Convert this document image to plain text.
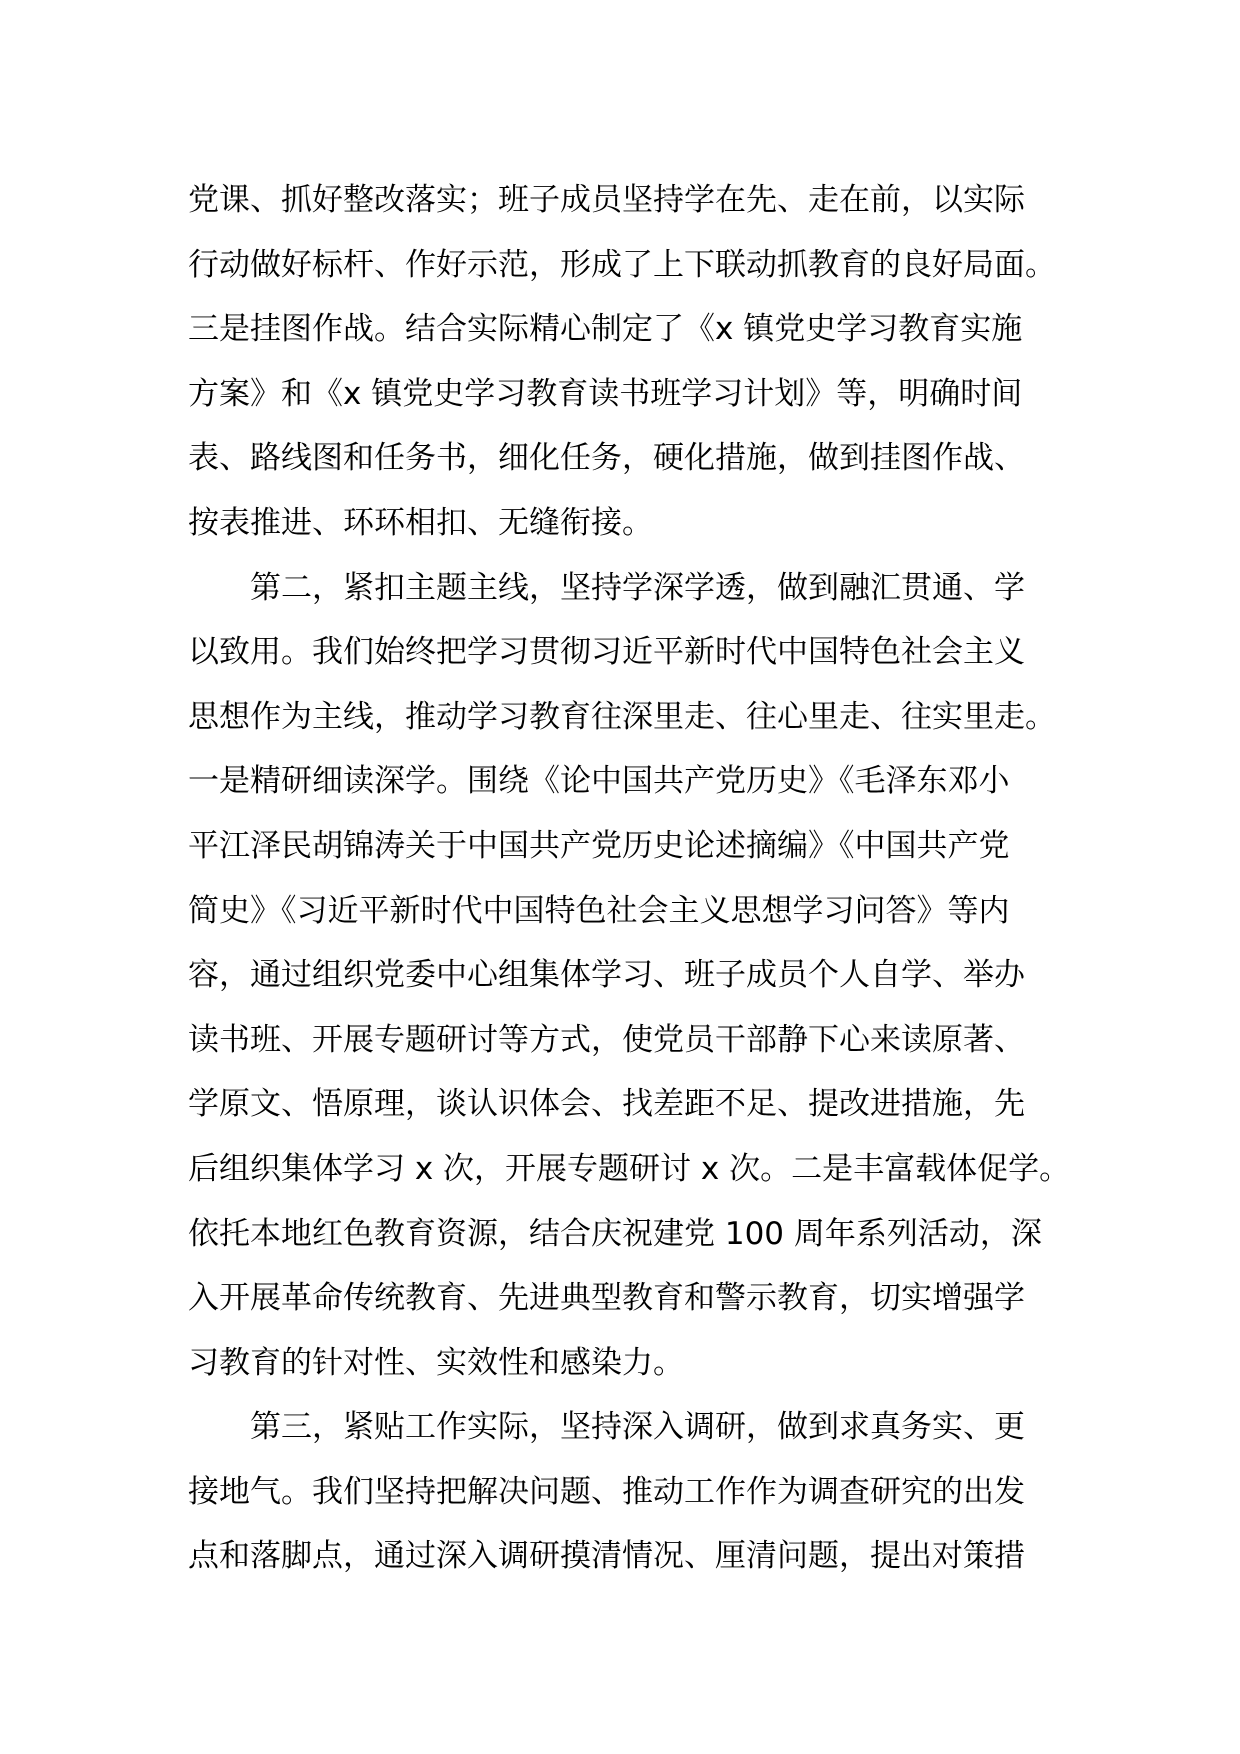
党课、抓好整改落实；班子成员坚持学在先、走在前，以实际
行动做好标杆、作好示范，形成了上下联动抓教育的良好局面。
三是挂图作战。结合实际精心制定了《x 镇党史学习教育实施
方案》和《x 镇党史学习教育读书班学习计划》等，明确时间
表、路线图和任务书，细化任务，硬化措施，做到挂图作战、
按表推进、环环相扣、无缝衔接。
第二，紧扣主题主线，坚持学深学透，做到融汇贯通、学
以致用。我们始终把学习贯彻习近平新时代中国特色社会主义
思想作为主线，推动学习教育往深里走、往心里走、往实里走。
一是精研细读深学。围绕《论中国共产党历史》《毛泽东邓小
平江泽民胡锦涛关于中国共产党历史论述摘编》《中国共产党
简史》《习近平新时代中国特色社会主义思想学习问答》等内
容，通过组织党委中心组集体学习、班子成员个人自学、举办
读书班、开展专题研讨等方式，使党员干部静下心来读原著、
学原文、悟原理，谈认识体会、找差距不足、提改进措施，先
后组织集体学习 x 次，开展专题研讨 x 次。二是丰富载体促学。
依托本地红色教育资源，结合庆祝建党 100 周年系列活动，深
入开展革命传统教育、先进典型教育和警示教育，切实增强学
习教育的针对性、实效性和感染力。
第三，紧贴工作实际，坚持深入调研，做到求真务实、更
接地气。我们坚持把解决问题、推动工作作为调查研究的出发
点和落脚点，通过深入调研摸清情况、厘清问题，提出对策措
